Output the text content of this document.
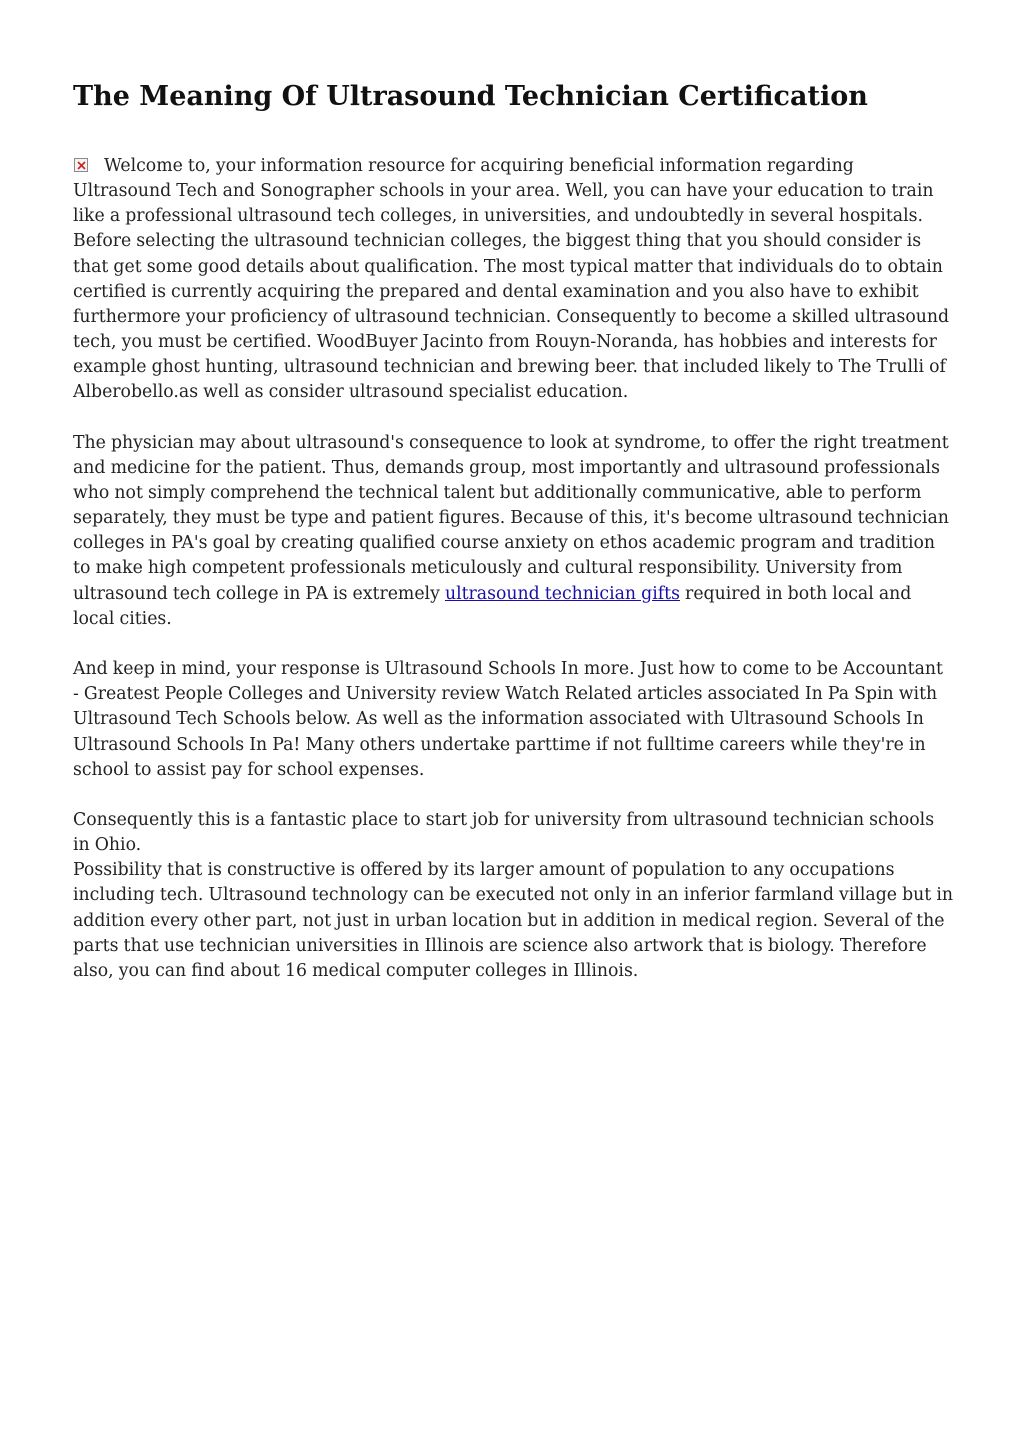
The Meaning Of Ultrasound Technician Certification

Welcome to, your information resource for acquiring beneficial information regarding Ultrasound Tech and Sonographer schools in your area. Well, you can have your education to train like a professional ultrasound tech colleges, in universities, and undoubtedly in several hospitals. Before selecting the ultrasound technician colleges, the biggest thing that you should consider is that get some good details about qualification. The most typical matter that individuals do to obtain certified is currently acquiring the prepared and dental examination and you also have to exhibit furthermore your proficiency of ultrasound technician. Consequently to become a skilled ultrasound tech, you must be certified. WoodBuyer Jacinto from Rouyn-Noranda, has hobbies and interests for example ghost hunting, ultrasound technician and brewing beer. that included likely to The Trulli of Alberobello.as well as consider ultrasound specialist education.

The physician may about ultrasound's consequence to look at syndrome, to offer the right treatment and medicine for the patient. Thus, demands group, most importantly and ultrasound professionals who not simply comprehend the technical talent but additionally communicative, able to perform separately, they must be type and patient figures. Because of this, it's become ultrasound technician colleges in PA's goal by creating qualified course anxiety on ethos academic program and tradition to make high competent professionals meticulously and cultural responsibility. University from ultrasound tech college in PA is extremely ultrasound technician gifts required in both local and local cities.

And keep in mind, your response is Ultrasound Schools In more. Just how to come to be Accountant - Greatest People Colleges and University review Watch Related articles associated In Pa Spin with Ultrasound Tech Schools below. As well as the information associated with Ultrasound Schools In Ultrasound Schools In Pa! Many others undertake parttime if not fulltime careers while they're in school to assist pay for school expenses.

Consequently this is a fantastic place to start job for university from ultrasound technician schools in Ohio.

Possibility that is constructive is offered by its larger amount of population to any occupations including tech. Ultrasound technology can be executed not only in an inferior farmland village but in addition every other part, not just in urban location but in addition in medical region. Several of the parts that use technician universities in Illinois are science also artwork that is biology. Therefore also, you can find about 16 medical computer colleges in Illinois.
